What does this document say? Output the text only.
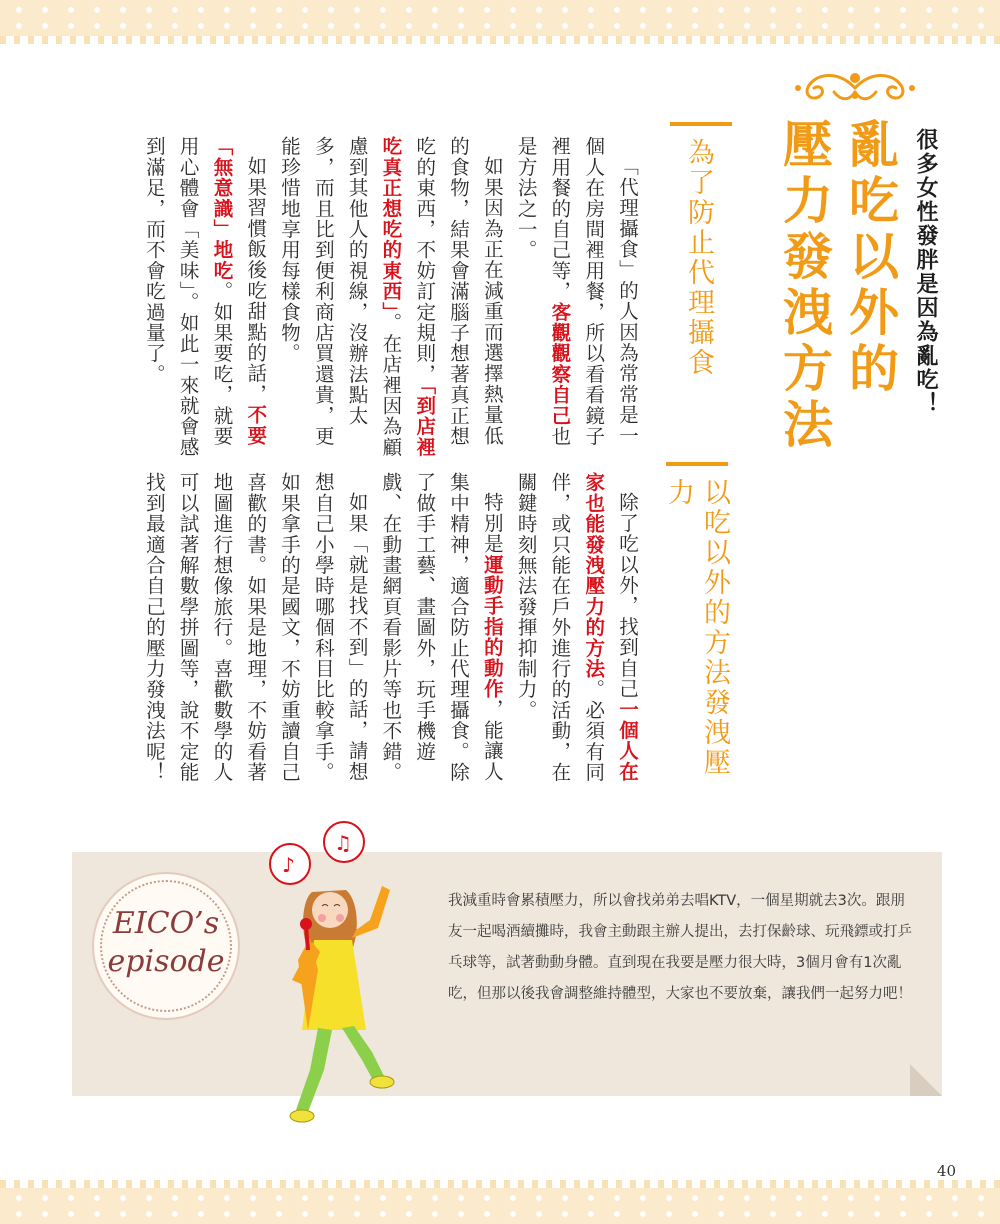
很多女性發胖是因為亂吃！
亂吃以外的
壓力發洩方法
為了防止代理攝食

「代理攝食」的人因為常常是一個人在房間裡用餐，所以看看鏡子裡用餐的自己等，客觀觀察自己也是方法之一。

如果因為正在減重而選擇熱量低的食物，結果會滿腦子想著真正想吃的東西，不妨訂定規則，「到店裡吃真正想吃的東西」。在店裡因為顧慮到其他人的視線，沒辦法點太多，而且比到便利商店買還貴，更能珍惜地享用每樣食物。

如果習慣飯後吃甜點的話，不要「無意識」地吃。如果要吃，就要用心體會「美味」。如此一來就會感到滿足，而不會吃過量了。

以吃以外的方法發洩壓力

除了吃以外，找到自己一個人在家也能發洩壓力的方法。必須有同伴，或只能在戶外進行的活動，在關鍵時刻無法發揮抑制力。

特別是運動手指的動作，能讓人集中精神，適合防止代理攝食。除了做手工藝、畫圖外，玩手機遊戲、在動畫網頁看影片等也不錯。

如果「就是找不到」的話，請想想自己小學時哪個科目比較拿手。如果拿手的是國文，不妨重讀自己喜歡的書。如果是地理，不妨看著地圖進行想像旅行。喜歡數學的人可以試著解數學拼圖等，說不定能找到最適合自己的壓力發洩法呢！

EICO’s
episode
♪
♫

我減重時會累積壓力，所以會找弟弟去唱KTV，一個星期就去3次。跟朋友一起喝酒續攤時，我會主動跟主辦人提出，去打保齡球、玩飛鏢或打乒乓球等，試著動動身體。直到現在我要是壓力很大時，3個月會有1次亂吃，但那以後我會調整維持體型，大家也不要放棄，讓我們一起努力吧！

40
